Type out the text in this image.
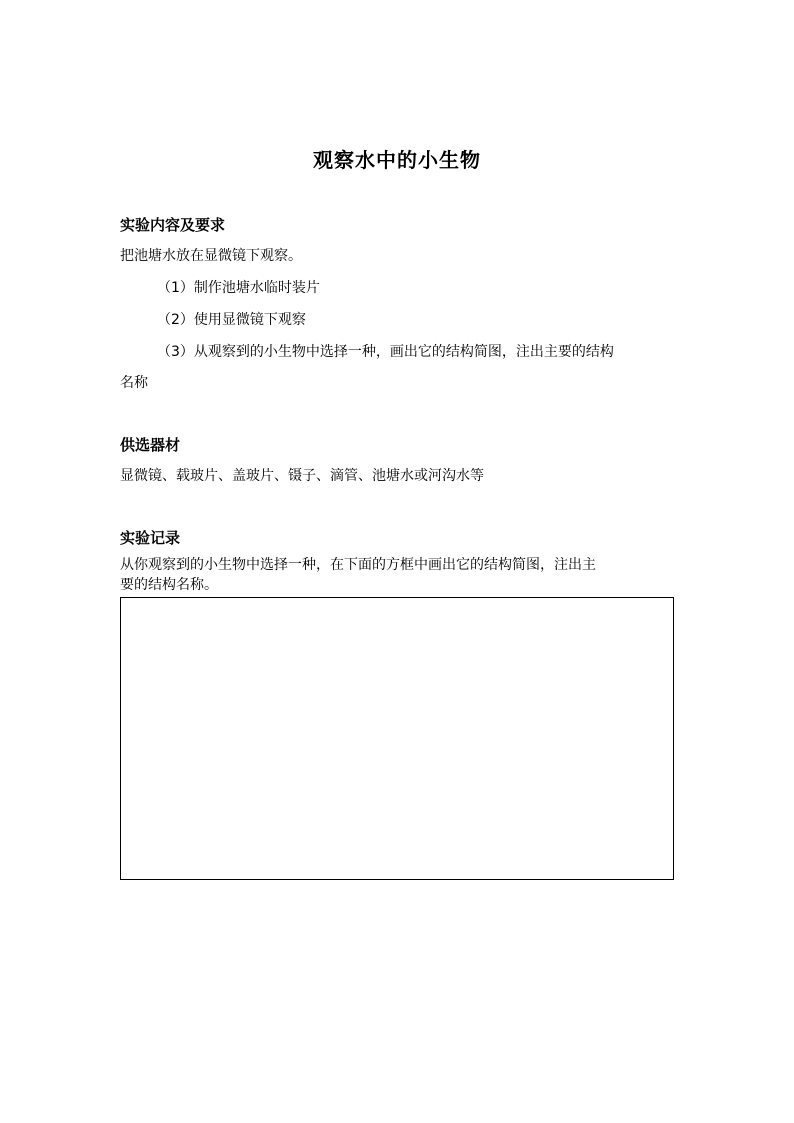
观察水中的小生物
实验内容及要求
把池塘水放在显微镜下观察。
（1）制作池塘水临时装片
（2）使用显微镜下观察
（3）从观察到的小生物中选择一种，画出它的结构简图，注出主要的结构
名称
供选器材
显微镜、载玻片、盖玻片、镊子、滴管、池塘水或河沟水等
实验记录
从你观察到的小生物中选择一种，在下面的方框中画出它的结构简图，注出主
要的结构名称。
